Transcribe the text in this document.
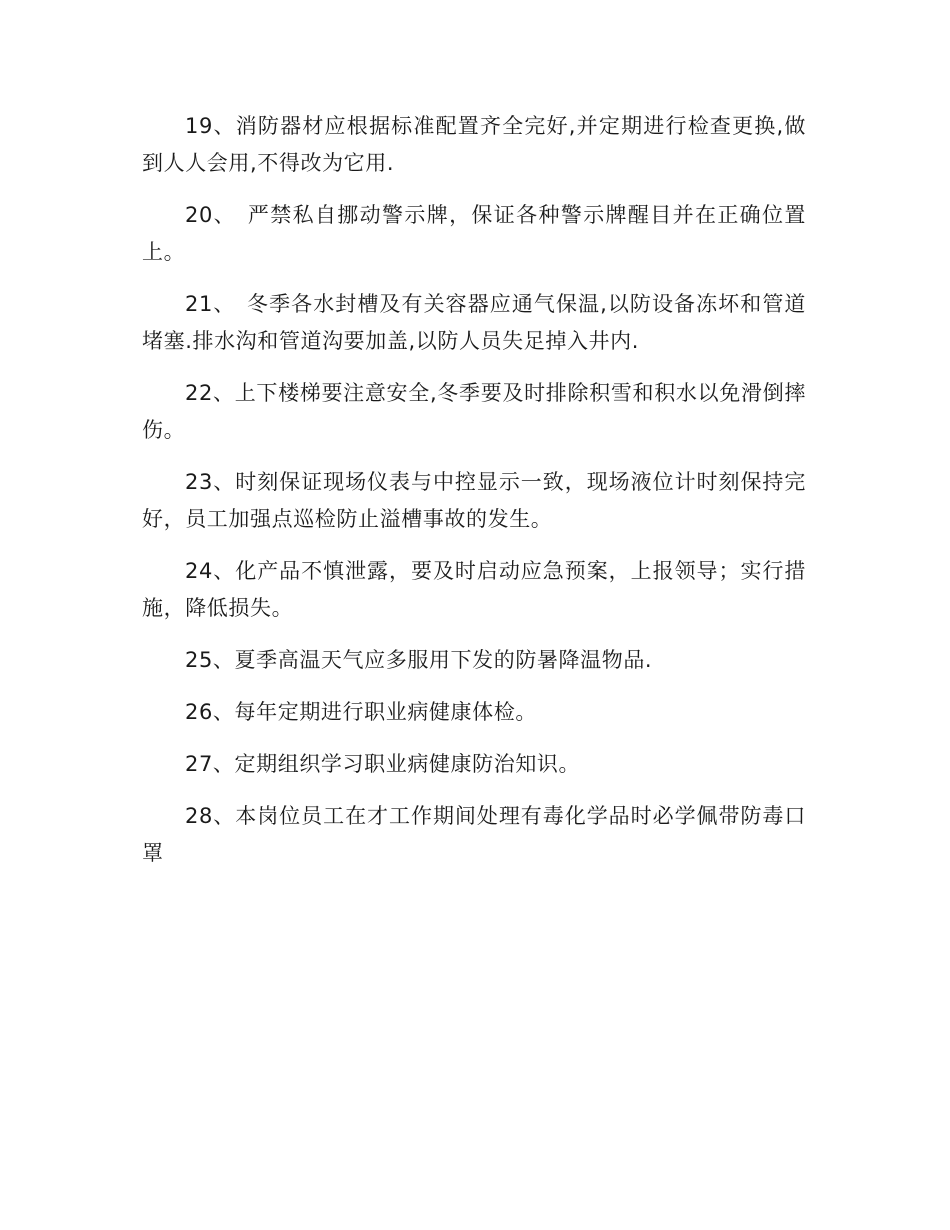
19、消防器材应根据标准配置齐全完好,并定期进行检查更换,做到人人会用,不得改为它用.

20、　严禁私自挪动警示牌，保证各种警示牌醒目并在正确位置上。

21、　冬季各水封槽及有关容器应通气保温,以防设备冻坏和管道堵塞.排水沟和管道沟要加盖,以防人员失足掉入井内.

22、上下楼梯要注意安全,冬季要及时排除积雪和积水以免滑倒摔伤。

23、时刻保证现场仪表与中控显示一致，现场液位计时刻保持完好，员工加强点巡检防止溢槽事故的发生。

24、化产品不慎泄露，要及时启动应急预案，上报领导；实行措施，降低损失。

25、夏季高温天气应多服用下发的防暑降温物品.

26、每年定期进行职业病健康体检。

27、定期组织学习职业病健康防治知识。

28、本岗位员工在才工作期间处理有毒化学品时必学佩带防毒口罩
